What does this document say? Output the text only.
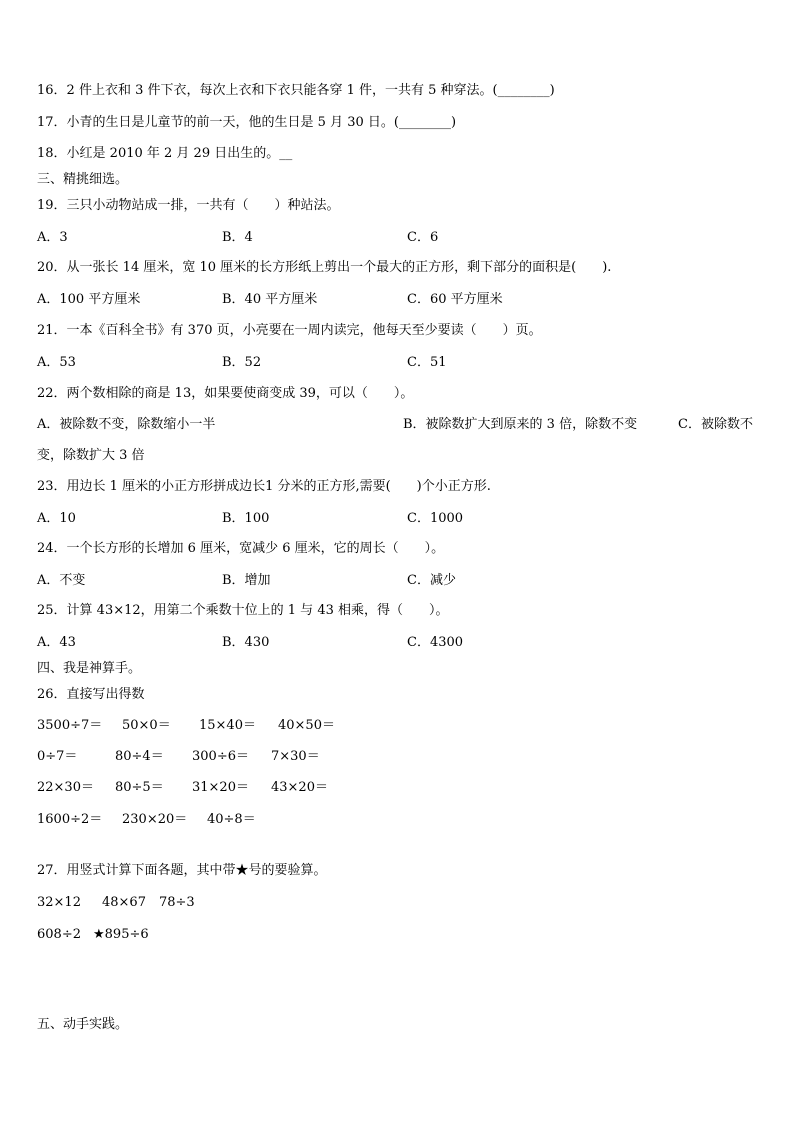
16．2 件上衣和 3 件下衣，每次上衣和下衣只能各穿 1 件，一共有 5 种穿法。(________)
17．小青的生日是儿童节的前一天，他的生日是 5 月 30 日。(________)
18．小红是 2010 年 2 月 29 日出生的。__
三、精挑细选。
19．三只小动物站成一排，一共有（　　）种站法。
A．3	B．4	C．6
20．从一张长 14 厘米，宽 10 厘米的长方形纸上剪出一个最大的正方形，剩下部分的面积是(　　).
A．100 平方厘米	B．40 平方厘米	C．60 平方厘米
21．一本《百科全书》有 370 页，小亮要在一周内读完，他每天至少要读（　　）页。
A．53	B．52	C．51
22．两个数相除的商是 13，如果要使商变成 39，可以（　　）。
A．被除数不变，除数缩小一半	B．被除数扩大到原来的 3 倍，除数不变	C．被除数不
变，除数扩大 3 倍
23．用边长 1 厘米的小正方形拼成边长1 分米的正方形,需要(　　)个小正方形.
A．10	B．100	C．1000
24．一个长方形的长增加 6 厘米，宽减少 6 厘米，它的周长（　　）。
A．不变	B．增加	C．减少
25．计算 43×12，用第二个乘数十位上的 1 与 43 相乘，得（　　）。
A．43	B．430	C．4300
四、我是神算手。
26．直接写出得数
3500÷7＝ 50×0＝ 15×40＝ 40×50＝
0÷7＝	80÷4＝ 300÷6＝ 7×30＝
22×30＝ 80÷5＝ 31×20＝ 43×20＝
1600÷2＝ 230×20＝ 40÷8＝
27．用竖式计算下面各题，其中带★号的要验算。
32×12 48×67 78÷3
608÷2 ★895÷6
五、动手实践。
